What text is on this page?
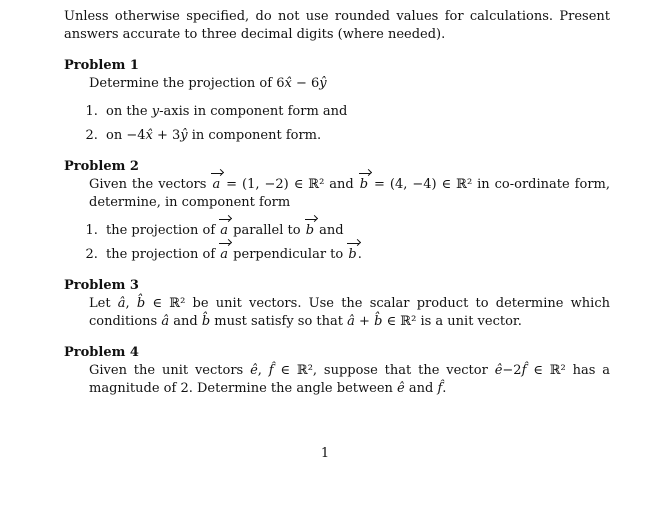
Unless otherwise specified, do not use rounded values for calculations. Present answers accurate to three decimal digits (where needed).

Problem 1
Determine the projection of 6x̂ − 6ŷ
1. on the y-axis in component form and
2. on −4x̂ + 3ŷ in component form.
Problem 2
Given the vectors a = (1, −2) ∈ ℝ² and b = (4, −4) ∈ ℝ² in co-ordinate form, determine, in component form
1. the projection of a parallel to b and
2. the projection of a perpendicular to b.
Problem 3
Let â, b̂ ∈ ℝ² be unit vectors. Use the scalar product to determine which conditions â and b̂ must satisfy so that â + b̂ ∈ ℝ² is a unit vector.
Problem 4
Given the unit vectors ê, f̂ ∈ ℝ², suppose that the vector ê−2f̂ ∈ ℝ² has a magnitude of 2. Determine the angle between ê and f̂.
1
